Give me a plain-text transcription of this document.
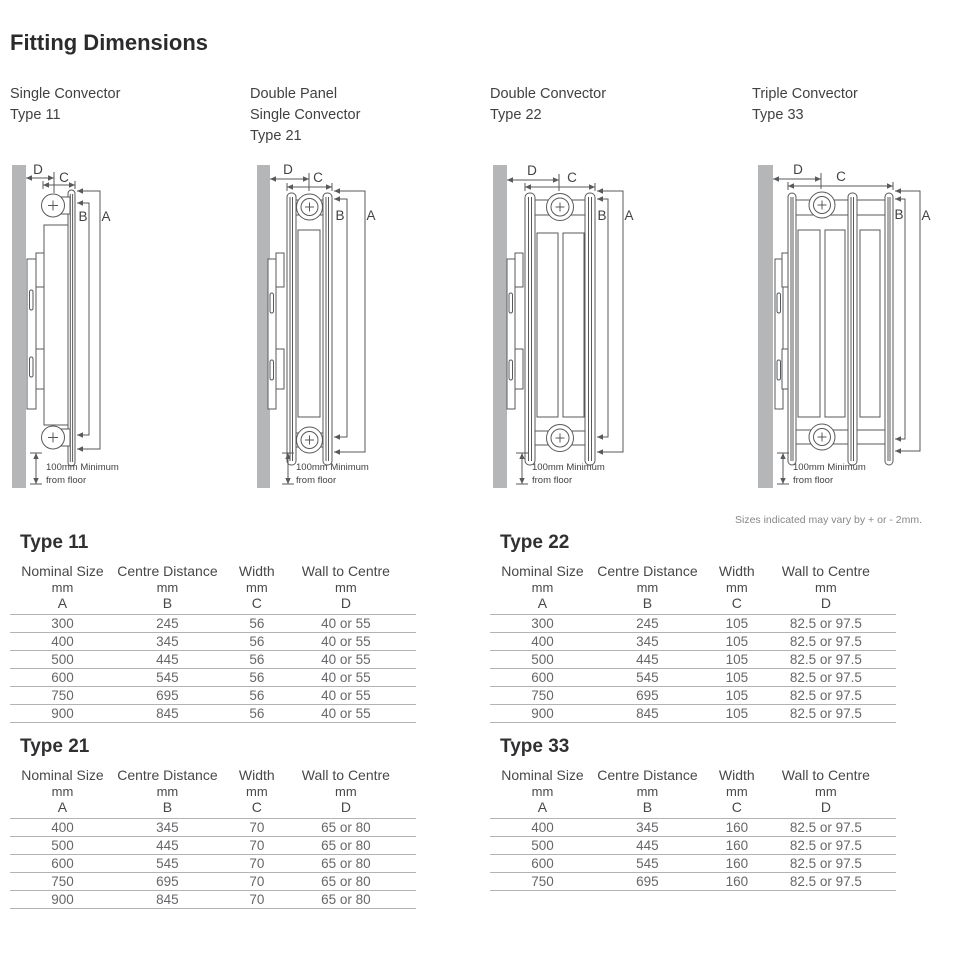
Fitting Dimensions
Single Convector
Type 11
Double Panel
Single Convector
Type 21
Double Convector
Type 22
Triple Convector
Type 33
D
C
B A
100mm Minimum
from floor
D
C
B A
100mm Minimum
from floor
D C
B A
100mm Minimum
from floor
D C
B A
100mm Minimum
from floor
Sizes indicated may vary by + or - 2mm.
Type 11
Nominal Size	Centre Distance	Width	Wall to Centre
mm	mm	mm	mm
A	B	C	D
300	245	56	40 or 55
400	345	56	40 or 55
500	445	56	40 or 55
600	545	56	40 or 55
750	695	56	40 or 55
900	845	56	40 or 55
Type 22
Nominal Size	Centre Distance	Width	Wall to Centre
mm	mm	mm	mm
A	B	C	D
300	245	105	82.5 or 97.5
400	345	105	82.5 or 97.5
500	445	105	82.5 or 97.5
600	545	105	82.5 or 97.5
750	695	105	82.5 or 97.5
900	845	105	82.5 or 97.5
Type 21
Nominal Size	Centre Distance	Width	Wall to Centre
mm	mm	mm	mm
A	B	C	D
400	345	70	65 or 80
500	445	70	65 or 80
600	545	70	65 or 80
750	695	70	65 or 80
900	845	70	65 or 80
Type 33
Nominal Size	Centre Distance	Width	Wall to Centre
mm	mm	mm	mm
A	B	C	D
400	345	160	82.5 or 97.5
500	445	160	82.5 or 97.5
600	545	160	82.5 or 97.5
750	695	160	82.5 or 97.5
